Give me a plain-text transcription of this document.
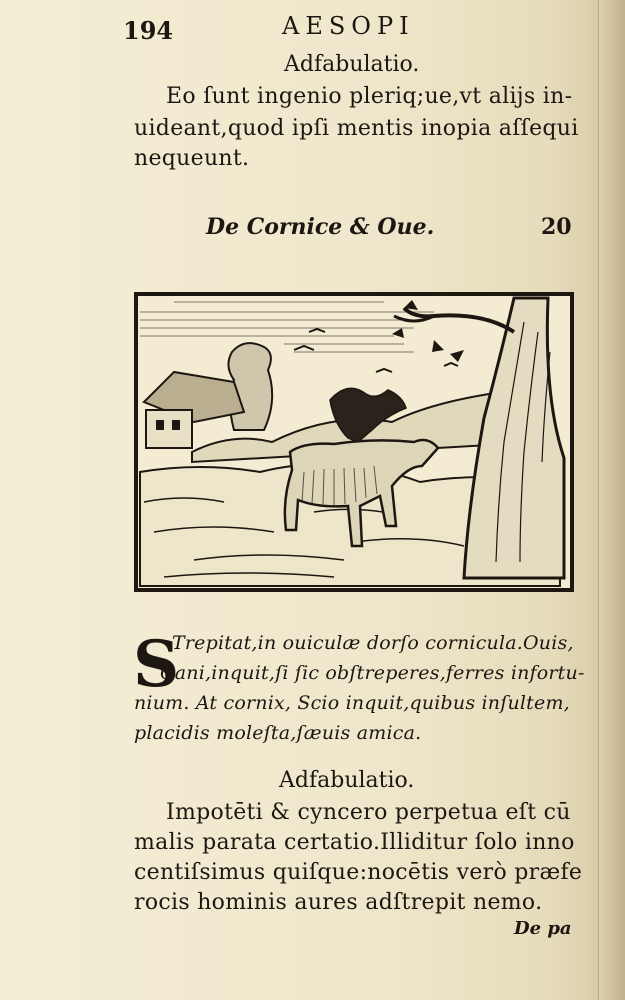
194	AESOPI
Adfabulatio.
Eo ſunt ingenio pleriq;ue,vt alijs in-
uideant,quod ipſi mentis inopia aſſequi
nequeunt.
De Cornice & Oue.	20
S
Trepitat,in ouiculæ dorſo cornicula.Ouis,
Cani,inquit,ſi ſic obſtreperes,ferres infortu-
nium. At cornix, Scio inquit,quibus inſultem,
placidis moleſta,ſæuis amica.
Adfabulatio.
Impotēti & cyncero perpetua eſt cū
malis parata certatio.Illiditur ſolo inno
centiſsimus quiſque:nocētis verò præfe
rocis hominis aures adſtrepit nemo.
De pa
